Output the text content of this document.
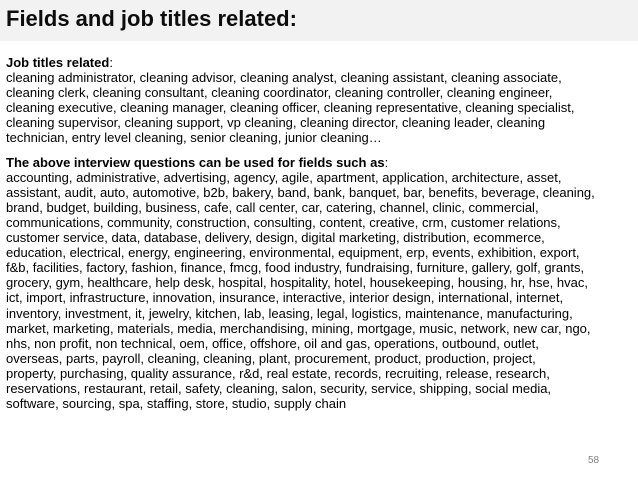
Fields and job titles related:

Job titles related:

cleaning administrator, cleaning advisor, cleaning analyst, cleaning assistant, cleaning associate,

cleaning clerk, cleaning consultant, cleaning coordinator, cleaning controller, cleaning engineer,

cleaning executive, cleaning manager, cleaning officer, cleaning representative, cleaning specialist,

cleaning supervisor, cleaning support, vp cleaning, cleaning director, cleaning leader, cleaning

technician, entry level cleaning, senior cleaning, junior cleaning…

The above interview questions can be used for fields such as:

accounting, administrative, advertising, agency, agile, apartment, application, architecture, asset,

assistant, audit, auto, automotive, b2b, bakery, band, bank, banquet, bar, benefits, beverage, cleaning,

brand, budget, building, business, cafe, call center, car, catering, channel, clinic, commercial,

communications, community, construction, consulting, content, creative, crm, customer relations,

customer service, data, database, delivery, design, digital marketing, distribution, ecommerce,

education, electrical, energy, engineering, environmental, equipment, erp, events, exhibition, export,

f&b, facilities, factory, fashion, finance, fmcg, food industry, fundraising, furniture, gallery, golf, grants,

grocery, gym, healthcare, help desk, hospital, hospitality, hotel, housekeeping, housing, hr, hse, hvac,

ict, import, infrastructure, innovation, insurance, interactive, interior design, international, internet,

inventory, investment, it, jewelry, kitchen, lab, leasing, legal, logistics, maintenance, manufacturing,

market, marketing, materials, media, merchandising, mining, mortgage, music, network, new car, ngo,

nhs, non profit, non technical, oem, office, offshore, oil and gas, operations, outbound, outlet,

overseas, parts, payroll, cleaning, cleaning, plant, procurement, product, production, project,

property, purchasing, quality assurance, r&d, real estate, records, recruiting, release, research,

reservations, restaurant, retail, safety, cleaning, salon, security, service, shipping, social media,

software, sourcing, spa, staffing, store, studio, supply chain

58
